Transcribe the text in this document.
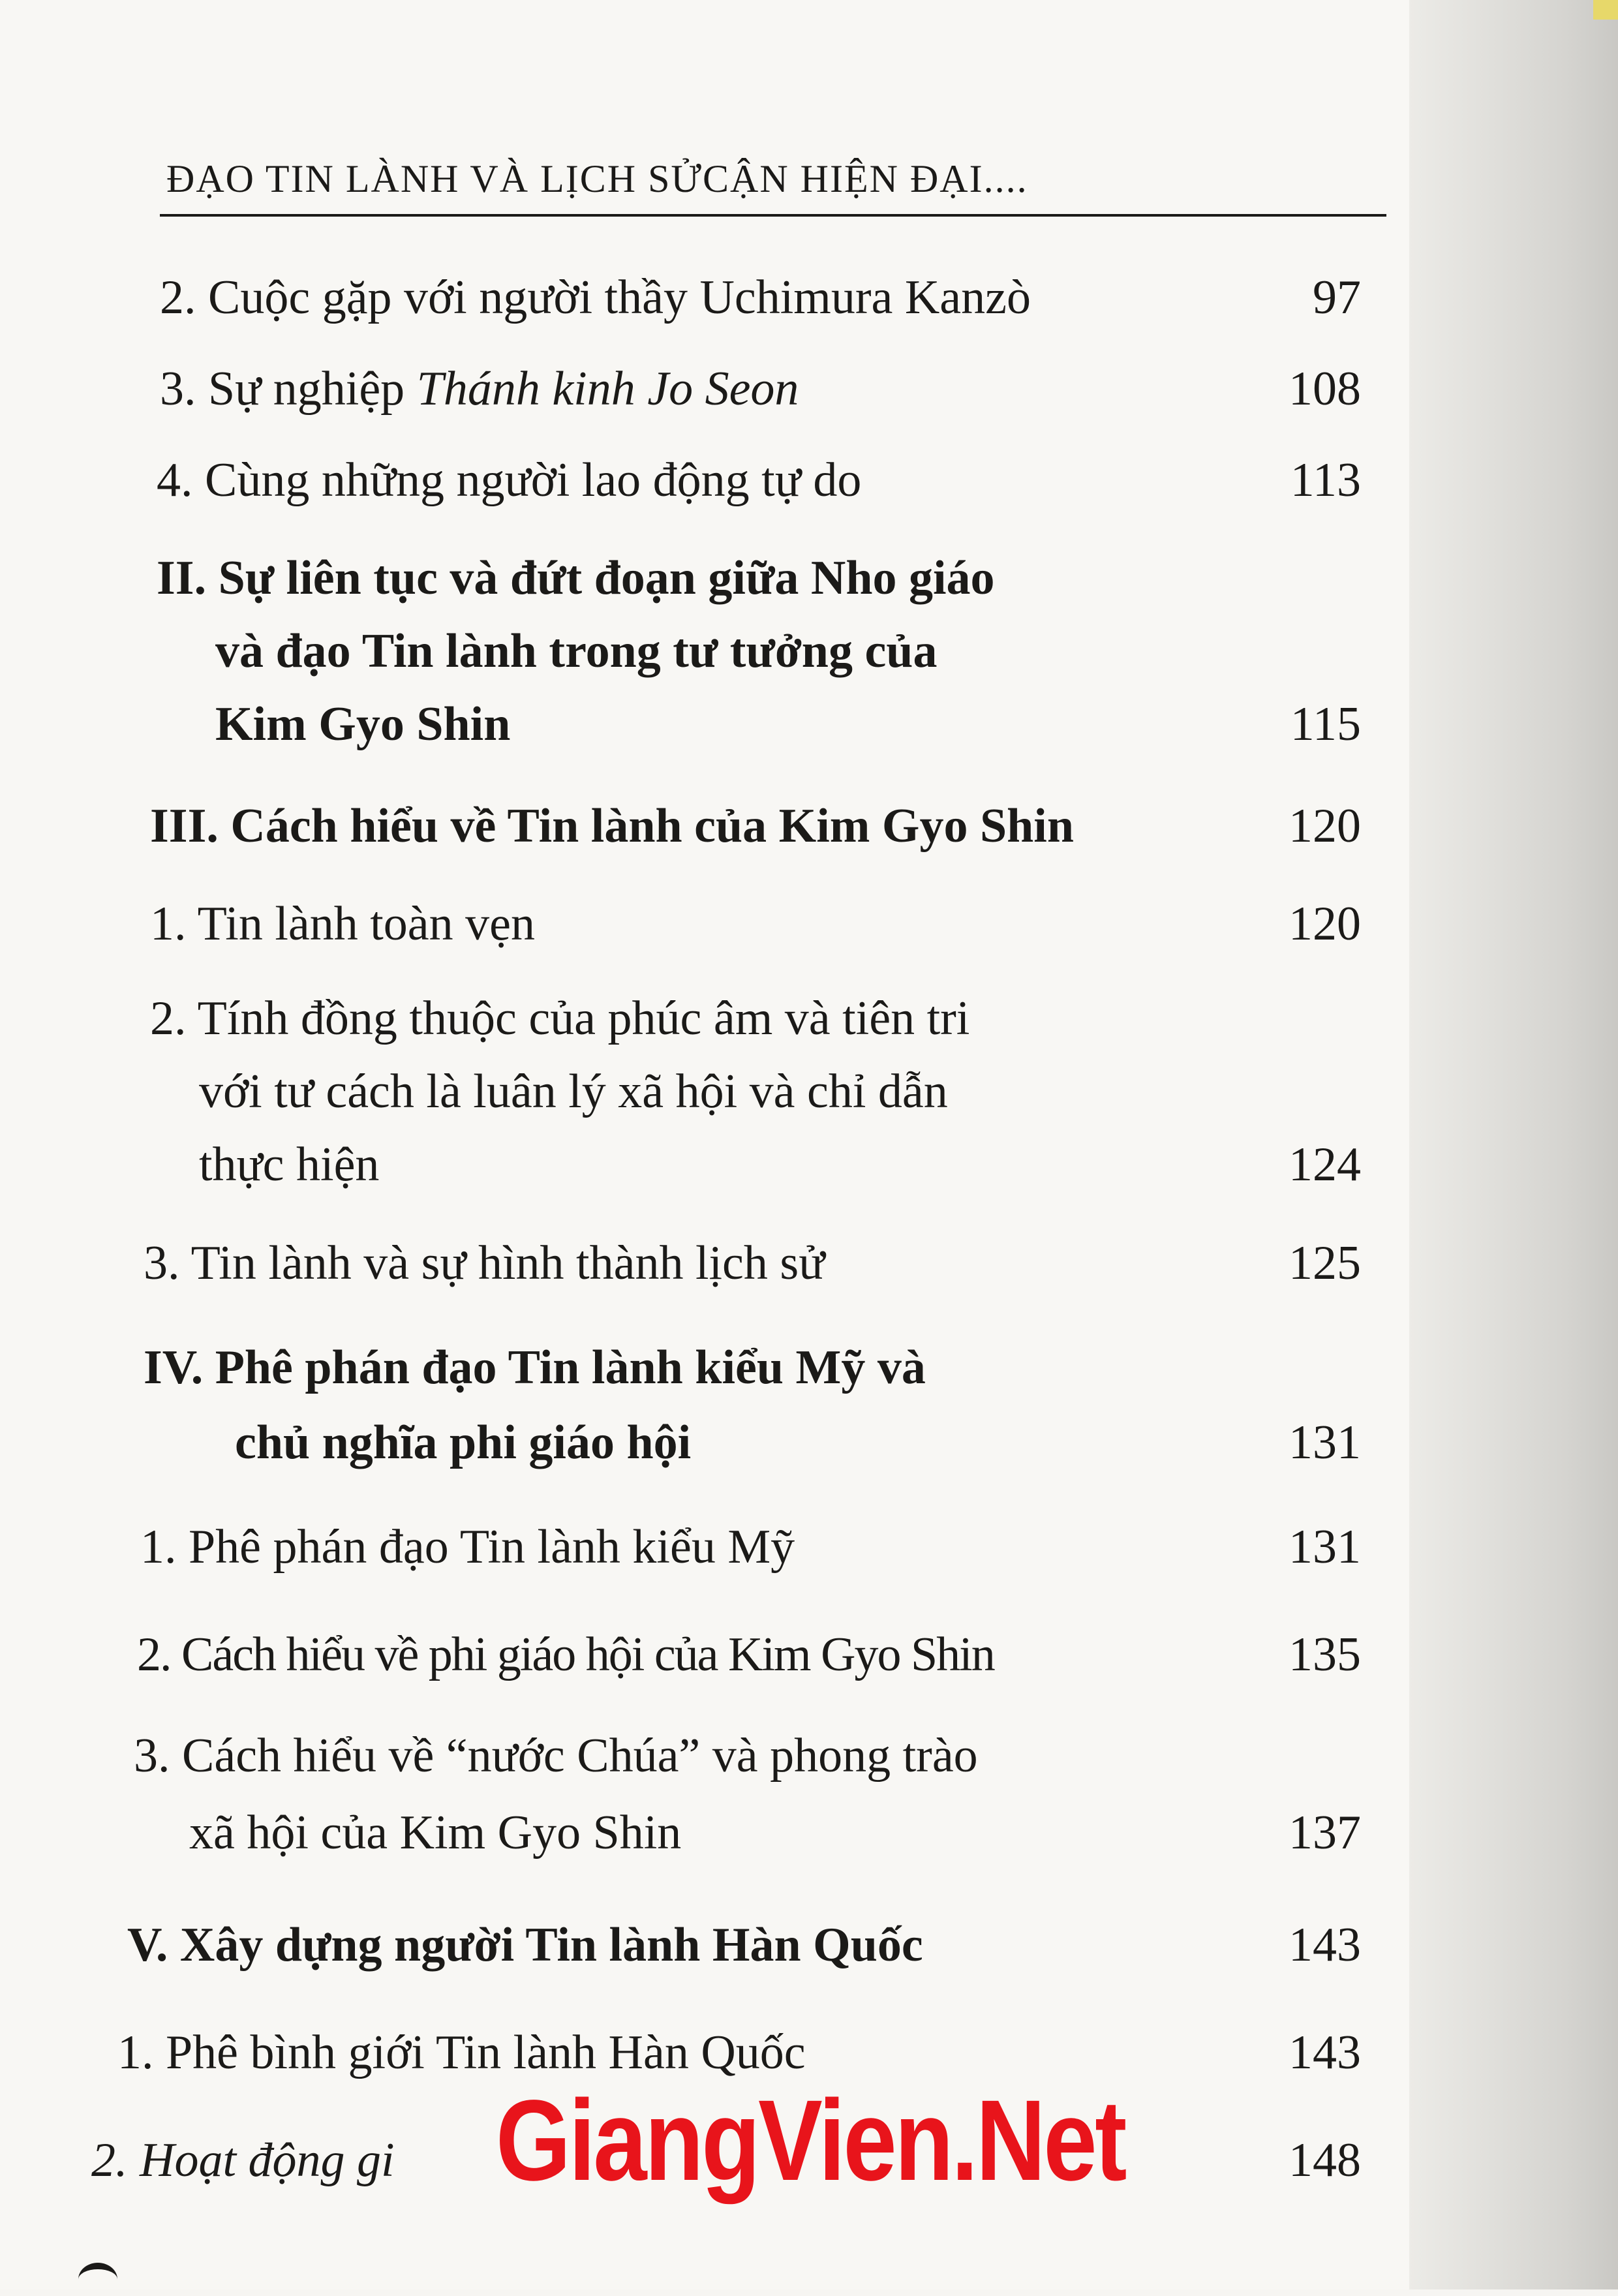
ĐẠO TIN LÀNH VÀ LỊCH SỬCẬN HIỆN ĐẠI....
2. Cuộc gặp với người thầy Uchimura Kanzò	97
3. Sự nghiệp Thánh kinh Jo Seon	108
4. Cùng những người lao động tự do	113
II. Sự liên tục và đứt đoạn giữa Nho giáo
và đạo Tin lành trong tư tưởng của
Kim Gyo Shin	115
III. Cách hiểu về Tin lành của Kim Gyo Shin	120
1. Tin lành toàn vẹn	120
2. Tính đồng thuộc của phúc âm và tiên tri
với tư cách là luân lý xã hội và chỉ dẫn
thực hiện	124
3. Tin lành và sự hình thành lịch sử	125
IV. Phê phán đạo Tin lành kiểu Mỹ và
chủ nghĩa phi giáo hội	131
1. Phê phán đạo Tin lành kiểu Mỹ	131
2. Cách hiểu về phi giáo hội của Kim Gyo Shin	135
3. Cách hiểu về “nước Chúa” và phong trào
xã hội của Kim Gyo Shin	137
V. Xây dựng người Tin lành Hàn Quốc	143
1. Phê bình giới Tin lành Hàn Quốc	143
2. Hoạt động gi	148
GiangVien.Net
